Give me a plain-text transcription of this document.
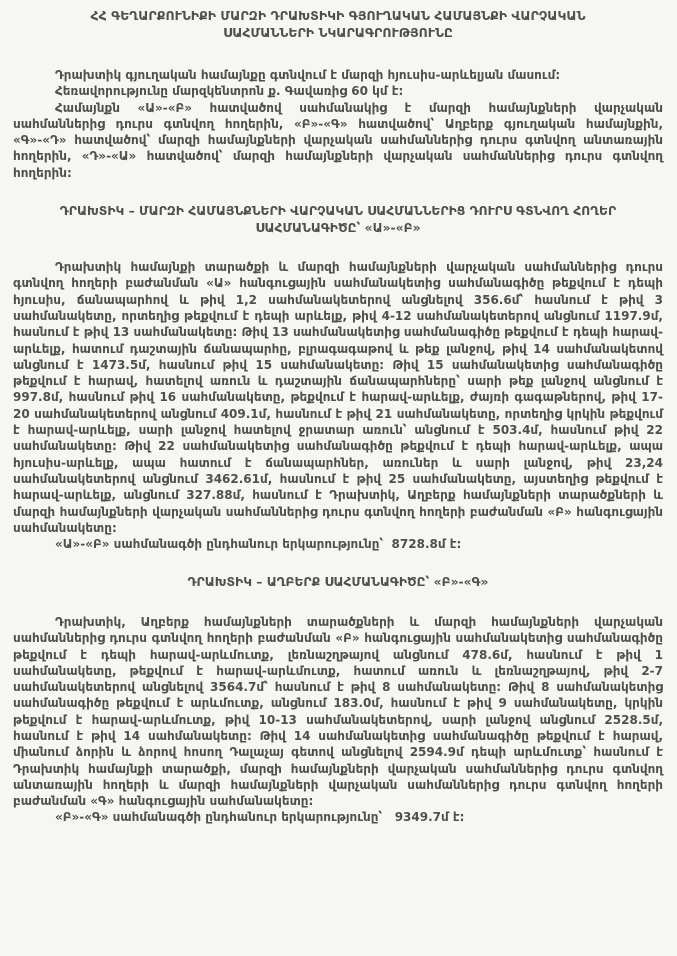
ՀՀ ԳԵՂԱՐՔՈՒՆԻՔԻ ՄԱՐԶԻ ԴՐԱԽՏԻԿԻ ԳՅՈՒՂԱԿԱՆ ՀԱՄԱՅՆՔԻ ՎԱՐՉԱԿԱՆ
ՍԱՀՄԱՆՆԵՐԻ ՆԿԱՐԱԳՐՈՒԹՅՈՒՆԸ

Դրախտիկ գյուղական համայնքը գտնվում է մարզի հյուսիս-արևելյան մասում:

Հեռավորությունը մարզկենտրոն ք. Գավառից 60 կմ է:

Համայնքն «Ա»-«Բ» հատվածով սահմանակից է մարզի համայնքների վարչական սահմաններից դուրս գտնվող հողերին, «Բ»-«Գ» հատվածով՝ Աղբերք գյուղական համայնքին, «Գ»-«Դ» հատվածով՝ մարզի համայնքների վարչական սահմաններից դուրս գտնվող անտառային հողերին, «Դ»-«Ա» հատվածով՝ մարզի համայնքների վարչական սահմաններից դուրս գտնվող հողերին:

ԴՐԱԽՏԻԿ – ՄԱՐԶԻ ՀԱՄԱՅՆՔՆԵՐԻ ՎԱՐՉԱԿԱՆ ՍԱՀՄԱՆՆԵՐԻՑ ԴՈՒՐՍ ԳՏՆՎՈՂ ՀՈՂԵՐ ՍԱՀՄԱՆԱԳԻԾԸ՝ «Ա»-«Բ»

Դրախտիկ համայնքի տարածքի և մարզի համայնքների վարչական սահմաններից դուրս գտնվող հողերի բաժանման «Ա» հանգուցային սահմանակետից սահմանագիծը թեքվում է դեպի հյուսիս, ճանապարհով և թիվ 1,2 սահմանակետերով անցնելով 356.6մ՝ հասնում է թիվ 3 սահմանակետը, որտեղից թեքվում է դեպի արևելք, թիվ 4-12 սահմանակետերով անցնում 1197.9մ, հասնում է թիվ 13 սահմանակետը: Թիվ 13 սահմանակետից սահմանագիծը թեքվում է դեպի հարավ-արևելք, հատում դաշտային ճանապարհը, բլրագագաթով և թեք լանջով, թիվ 14 սահմանակետով անցնում է 1473.5մ, հասնում թիվ 15 սահմանակետը: Թիվ 15 սահմանակետից սահմանագիծը թեքվում է հարավ, հատելով առուն և դաշտային ճանապարհները՝ սարի թեք լանջով անցնում է 997.8մ, հասնում թիվ 16 սահմանակետը, թեքվում է հարավ-արևելք, ժայռի գագաթներով, թիվ 17-20 սահմանակետերով անցնում 409.1մ, հասնում է թիվ 21 սահմանակետը, որտեղից կրկին թեքվում է հարավ-արևելք, սարի լանջով հատելով ջրատար առուն՝ անցնում է 503.4մ, հասնում թիվ 22 սահմանակետը: Թիվ 22 սահմանակետից սահմանագիծը թեքվում է դեպի հարավ-արևելք, ապա հյուսիս-արևելք, ապա հատում է ճանապարհներ, առուներ և սարի լանջով, թիվ 23,24 սահմանակետերով անցնում 3462.61մ, հասնում է թիվ 25 սահմանակետը, այստեղից թեքվում է հարավ-արևելք, անցնում 327.88մ, հասնում է Դրախտիկ, Աղբերք համայնքների տարածքների և մարզի համայնքների վարչական սահմաններից դուրս գտնվող հողերի բաժանման «Բ» հանգուցային սահմանակետը:

«Ա»-«Բ» սահմանագծի ընդհանուր երկարությունը՝  8728.8մ է:

ԴՐԱԽՏԻԿ – ԱՂԲԵՐՔ ՍԱՀՄԱՆԱԳԻԾԸ՝ «Բ»-«Գ»

Դրախտիկ, Աղբերք համայնքների տարածքների և մարզի համայնքների վարչական սահմաններից դուրս գտնվող հողերի բաժանման «Բ» հանգուցային սահմանակետից սահմանագիծը թեքվում է դեպի հարավ-արևմուտք, լեռնաշղթայով անցնում 478.6մ, հասնում է թիվ 1 սահմանակետը, թեքվում է հարավ-արևմուտք, հատում առուն և լեռնաշղթայով, թիվ 2-7 սահմանակետերով անցնելով 3564.7մ՝ հասնում է թիվ 8 սահմանակետը: Թիվ 8 սահմանակետից սահմանագիծը թեքվում է արևմուտք, անցնում 183.0մ, հասնում է թիվ 9 սահմանակետը, կրկին թեքվում է հարավ-արևմուտք, թիվ 10-13 սահմանակետերով, սարի լանջով անցնում 2528.5մ, հասնում է թիվ 14 սահմանակետը: Թիվ 14 սահմանակետից սահմանագիծը թեքվում է հարավ, միանում ձորին և ձորով հոսող Դալաչայ գետով անցնելով 2594.9մ դեպի արևմուտք՝ հասնում է Դրախտիկ համայնքի տարածքի, մարզի համայնքների վարչական սահմաններից դուրս գտնվող անտառային հողերի և մարզի համայնքների վարչական սահմաններից դուրս գտնվող հողերի բաժանման «Գ» հանգուցային սահմանակետը:

«Բ»-«Գ» սահմանագծի ընդհանուր երկարությունը՝   9349.7մ է:
